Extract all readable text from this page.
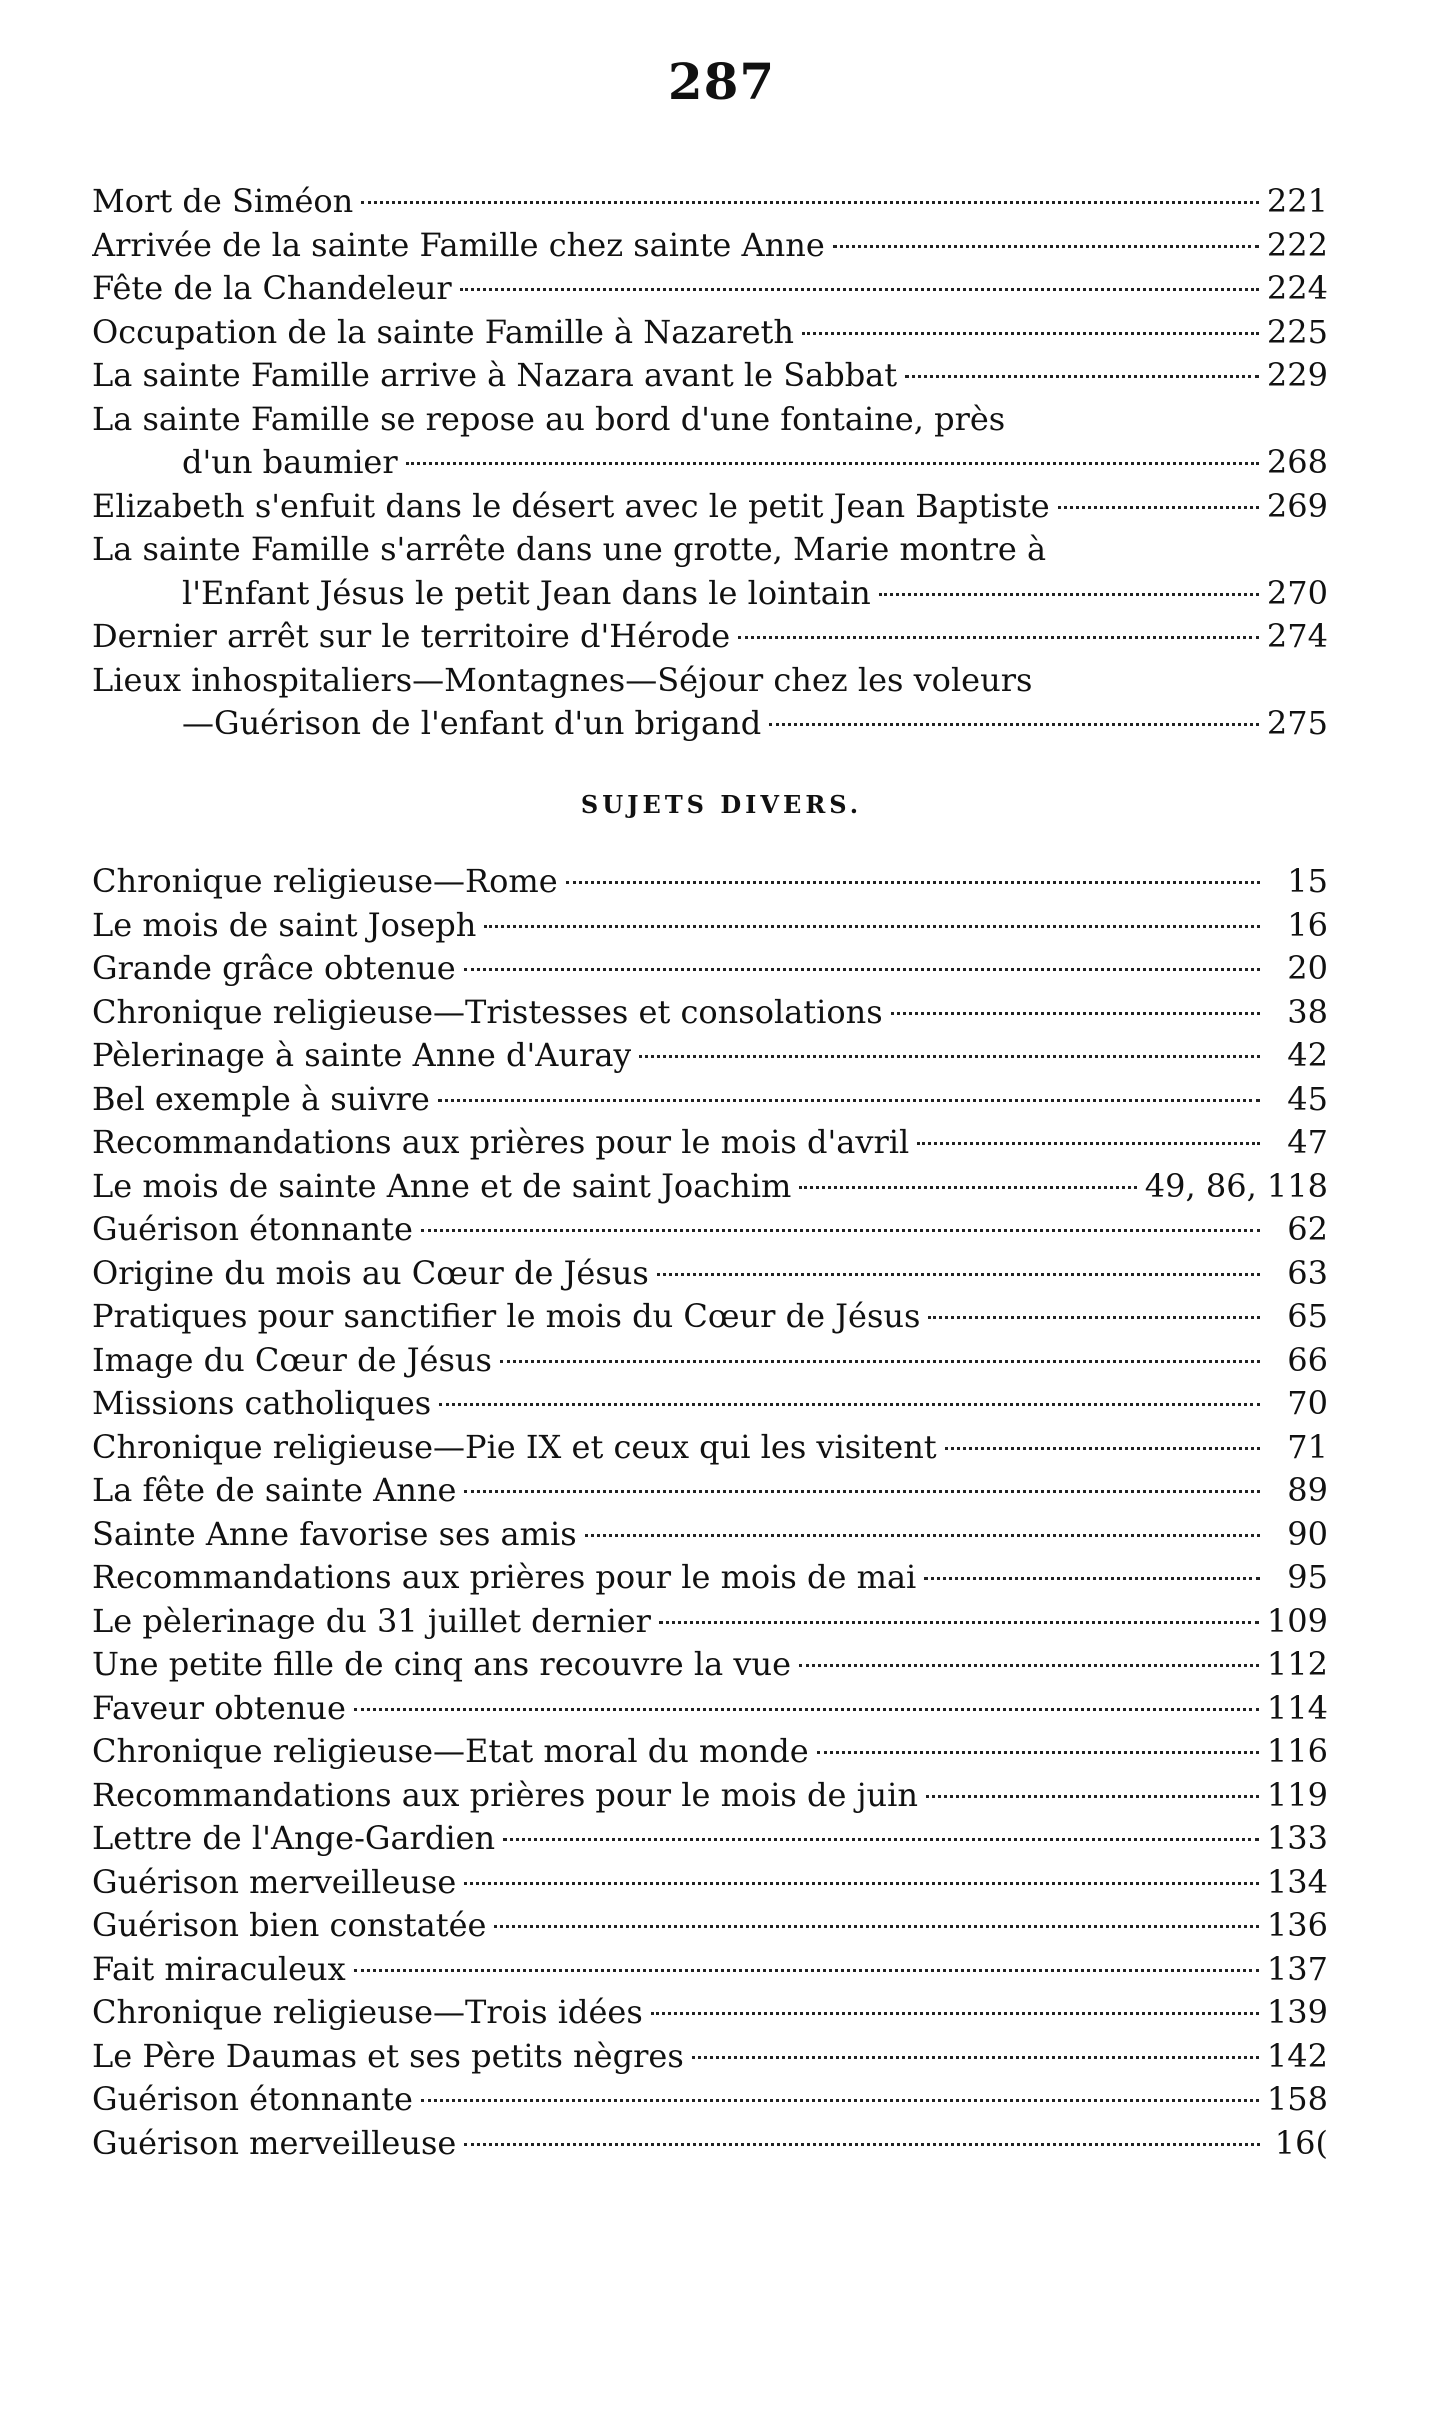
287
Mort de Siméon	221
Arrivée de la sainte Famille chez sainte Anne	222
Fête de la Chandeleur	224
Occupation de la sainte Famille à Nazareth	225
La sainte Famille arrive à Nazara avant le Sabbat	229
La sainte Famille se repose au bord d'une fontaine, près
d'un baumier	268
Elizabeth s'enfuit dans le désert avec le petit Jean Baptiste	269
La sainte Famille s'arrête dans une grotte, Marie montre à
l'Enfant Jésus le petit Jean dans le lointain	270
Dernier arrêt sur le territoire d'Hérode	274
Lieux inhospitaliers—Montagnes—Séjour chez les voleurs
—Guérison de l'enfant d'un brigand	275
SUJETS DIVERS.
Chronique religieuse—Rome	15
Le mois de saint Joseph	16
Grande grâce obtenue	20
Chronique religieuse—Tristesses et consolations	38
Pèlerinage à sainte Anne d'Auray	42
Bel exemple à suivre	45
Recommandations aux prières pour le mois d'avril	47
Le mois de sainte Anne et de saint Joachim	49, 86, 118
Guérison étonnante	62
Origine du mois au Cœur de Jésus	63
Pratiques pour sanctifier le mois du Cœur de Jésus	65
Image du Cœur de Jésus	66
Missions catholiques	70
Chronique religieuse—Pie IX et ceux qui les visitent	71
La fête de sainte Anne	89
Sainte Anne favorise ses amis	90
Recommandations aux prières pour le mois de mai	95
Le pèlerinage du 31 juillet dernier	109
Une petite fille de cinq ans recouvre la vue	112
Faveur obtenue	114
Chronique religieuse—Etat moral du monde	116
Recommandations aux prières pour le mois de juin	119
Lettre de l'Ange-Gardien	133
Guérison merveilleuse	134
Guérison bien constatée	136
Fait miraculeux	137
Chronique religieuse—Trois idées	139
Le Père Daumas et ses petits nègres	142
Guérison étonnante	158
Guérison merveilleuse	16(
